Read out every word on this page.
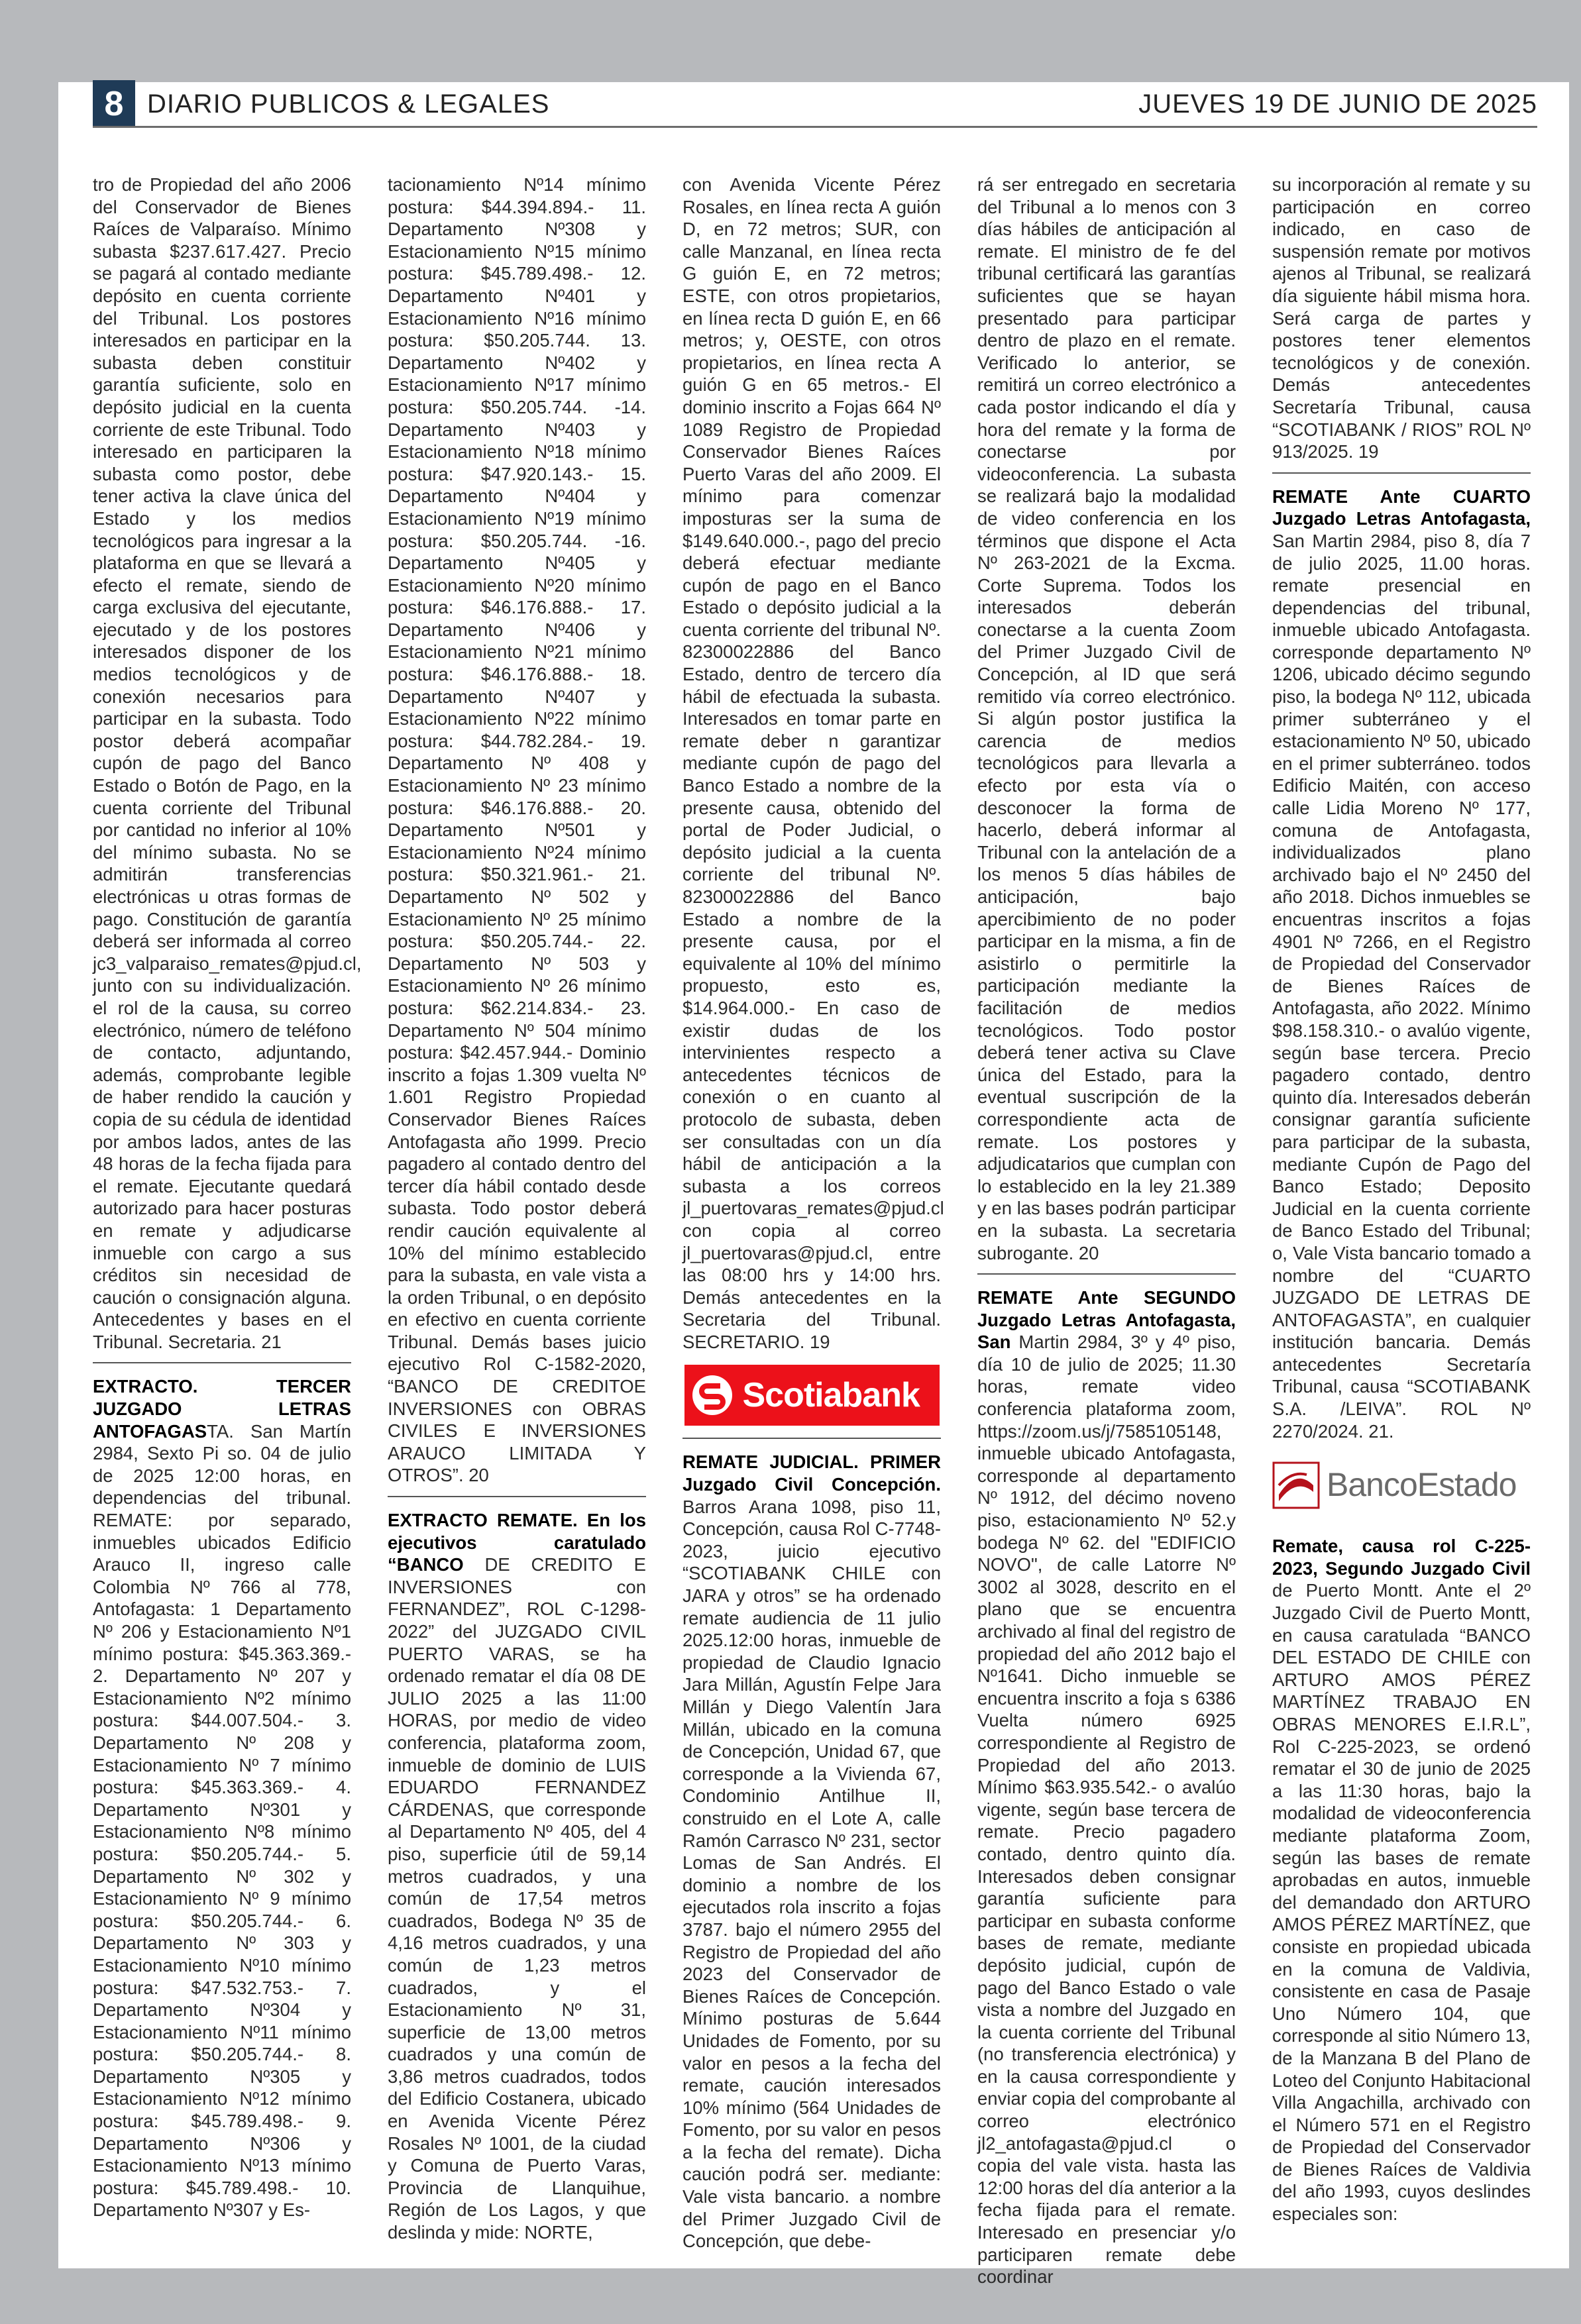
8 DIARIO PUBLICOS & LEGALES	JUEVES 19 DE JUNIO DE 2025

tro de Propiedad del año 2006 del Conservador de Bienes Raíces de Valparaíso. Mínimo subasta $237.617.427. Precio se pagará al contado mediante depósito en cuenta corriente del Tribunal. Los postores interesados en participar en la subasta deben constituir garantía suficiente, solo en depósito judicial en la cuenta corriente de este Tribunal. Todo interesado en participaren la subasta como postor, debe tener activa la clave única del Estado y los medios tecnológicos para ingresar a la plataforma en que se llevará a efecto el remate, siendo de carga exclusiva del ejecutante, ejecutado y de los postores interesados disponer de los medios tecnológicos y de conexión necesarios para participar en la subasta. Todo postor deberá acompañar cupón de pago del Banco Estado o Botón de Pago, en la cuenta corriente del Tribunal por cantidad no inferior al 10% del mínimo subasta. No se admitirán transferencias electrónicas u otras formas de pago. Constitución de garantía deberá ser informada al correo jc3_valparaiso_remates@pjud.cl, junto con su individualización. el rol de la causa, su correo electrónico, número de teléfono de contacto, adjuntando, además, comprobante legible de haber rendido la caución y copia de su cédula de identidad por ambos lados, antes de las 48 horas de la fecha fijada para el remate. Ejecutante quedará autorizado para hacer posturas en remate y adjudicarse inmueble con cargo a sus créditos sin necesidad de caución o consignación alguna. Antecedentes y bases en el Tribunal. Secretaria. 21

EXTRACTO. TERCER JUZGADO LETRAS ANTOFAGASTA. San Martín 2984, Sexto Pi so. 04 de julio de 2025 12:00 horas, en dependencias del tribunal. REMATE: por separado, inmuebles ubicados Edificio Arauco II, ingreso calle Colombia Nº 766 al 778, Antofagasta: 1 Departamento Nº 206 y Estacionamiento Nº1 mínimo postura: $45.363.369.- 2. Departamento Nº 207 y Estacionamiento Nº2 mínimo postura: $44.007.504.- 3. Departamento Nº 208 y Estacionamiento Nº 7 mínimo postura: $45.363.369.- 4. Departamento Nº301 y Estacionamiento Nº8 mínimo postura: $50.205.744.- 5. Departamento Nº 302 y Estacionamiento Nº 9 mínimo postura: $50.205.744.- 6. Departamento Nº 303 y Estacionamiento Nº10 mínimo postura: $47.532.753.- 7. Departamento Nº304 y Estacionamiento Nº11 mínimo postura: $50.205.744.- 8. Departamento Nº305 y Estacionamiento Nº12 mínimo postura: $45.789.498.- 9. Departamento Nº306 y Estacionamiento Nº13 mínimo postura: $45.789.498.- 10. Departamento Nº307 y Es-

tacionamiento Nº14 mínimo postura: $44.394.894.- 11. Departamento Nº308 y Estacionamiento Nº15 mínimo postura: $45.789.498.- 12. Departamento Nº401 y Estacionamiento Nº16 mínimo postura: $50.205.744. 13. Departamento Nº402 y Estacionamiento Nº17 mínimo postura: $50.205.744. -14. Departamento Nº403 y Estacionamiento Nº18 mínimo postura: $47.920.143.- 15. Departamento Nº404 y Estacionamiento Nº19 mínimo postura: $50.205.744. -16. Departamento Nº405 y Estacionamiento Nº20 mínimo postura: $46.176.888.- 17. Departamento Nº406 y Estacionamiento Nº21 mínimo postura: $46.176.888.- 18. Departamento Nº407 y Estacionamiento Nº22 mínimo postura: $44.782.284.- 19. Departamento Nº 408 y Estacionamiento Nº 23 mínimo postura: $46.176.888.- 20. Departamento Nº501 y Estacionamiento Nº24 mínimo postura: $50.321.961.- 21. Departamento Nº 502 y Estacionamiento Nº 25 mínimo postura: $50.205.744.- 22. Departamento Nº 503 y Estacionamiento Nº 26 mínimo postura: $62.214.834.- 23. Departamento Nº 504 mínimo postura: $42.457.944.- Dominio inscrito a fojas 1.309 vuelta Nº 1.601 Registro Propiedad Conservador Bienes Raíces Antofagasta año 1999. Precio pagadero al contado dentro del tercer día hábil contado desde subasta. Todo postor deberá rendir caución equivalente al 10% del mínimo establecido para la subasta, en vale vista a la orden Tribunal, o en depósito en efectivo en cuenta corriente Tribunal. Demás bases juicio ejecutivo Rol C-1582-2020, “BANCO DE CREDITOE INVERSIONES con OBRAS CIVILES E INVERSIONES ARAUCO LIMITADA Y OTROS”. 20

EXTRACTO REMATE. En los ejecutivos caratulado “BANCO DE CREDITO E INVERSIONES con FERNANDEZ”, ROL C-1298-2022” del JUZGADO CIVIL PUERTO VARAS, se ha ordenado rematar el día 08 DE JULIO 2025 a las 11:00 HORAS, por medio de video conferencia, plataforma zoom, inmueble de dominio de LUIS EDUARDO FERNANDEZ CÁRDENAS, que corresponde al Departamento Nº 405, del 4 piso, superficie útil de 59,14 metros cuadrados, y una común de 17,54 metros cuadrados, Bodega Nº 35 de 4,16 metros cuadrados, y una común de 1,23 metros cuadrados, y el Estacionamiento Nº 31, superficie de 13,00 metros cuadrados y una común de 3,86 metros cuadrados, todos del Edificio Costanera, ubicado en Avenida Vicente Pérez Rosales Nº 1001, de la ciudad y Comuna de Puerto Varas, Provincia de Llanquihue, Región de Los Lagos, y que deslinda y mide: NORTE,

con Avenida Vicente Pérez Rosales, en línea recta A guión D, en 72 metros; SUR, con calle Manzanal, en línea recta G guión E, en 72 metros; ESTE, con otros propietarios, en línea recta D guión E, en 66 metros; y, OESTE, con otros propietarios, en línea recta A guión G en 65 metros.- El dominio inscrito a Fojas 664 Nº 1089 Registro de Propiedad Conservador Bienes Raíces Puerto Varas del año 2009. El mínimo para comenzar imposturas ser la suma de $149.640.000.-, pago del precio deberá efectuar mediante cupón de pago en el Banco Estado o depósito judicial a la cuenta corriente del tribunal Nº. 82300022886 del Banco Estado, dentro de tercero día hábil de efectuada la subasta. Interesados en tomar parte en remate deber n garantizar mediante cupón de pago del Banco Estado a nombre de la presente causa, obtenido del portal de Poder Judicial, o depósito judicial a la cuenta corriente del tribunal Nº. 82300022886 del Banco Estado a nombre de la presente causa, por el equivalente al 10% del mínimo propuesto, esto es, $14.964.000.- En caso de existir dudas de los intervinientes respecto a antecedentes técnicos de conexión o en cuanto al protocolo de subasta, deben ser consultadas con un día hábil de anticipación a la subasta a los correos jl_puertovaras_remates@pjud.cl con copia al correo jl_puertovaras@pjud.cl, entre las 08:00 hrs y 14:00 hrs. Demás antecedentes en la Secretaria del Tribunal. SECRETARIO. 19

Scotiabank

REMATE JUDICIAL. PRIMER Juzgado Civil Concepción. Barros Arana 1098, piso 11, Concepción, causa Rol C-7748-2023, juicio ejecutivo “SCOTIABANK CHILE con JARA y otros” se ha ordenado remate audiencia de 11 julio 2025.12:00 horas, inmueble de propiedad de Claudio Ignacio Jara Millán, Agustín Felpe Jara Millán y Diego Valentín Jara Millán, ubicado en la comuna de Concepción, Unidad 67, que corresponde a la Vivienda 67, Condominio Antilhue II, construido en el Lote A, calle Ramón Carrasco Nº 231, sector Lomas de San Andrés. El dominio a nombre de los ejecutados rola inscrito a fojas 3787. bajo el número 2955 del Registro de Propiedad del año 2023 del Conservador de Bienes Raíces de Concepción. Mínimo posturas de 5.644 Unidades de Fomento, por su valor en pesos a la fecha del remate, caución interesados 10% mínimo (564 Unidades de Fomento, por su valor en pesos a la fecha del remate). Dicha caución podrá ser. mediante: Vale vista bancario. a nombre del Primer Juzgado Civil de Concepción, que debe-

rá ser entregado en secretaria del Tribunal a lo menos con 3 días hábiles de anticipación al remate. El ministro de fe del tribunal certificará las garantías suficientes que se hayan presentado para participar dentro de plazo en el remate. Verificado lo anterior, se remitirá un correo electrónico a cada postor indicando el día y hora del remate y la forma de conectarse por videoconferencia. La subasta se realizará bajo la modalidad de video conferencia en los términos que dispone el Acta Nº 263-2021 de la Excma. Corte Suprema. Todos los interesados deberán conectarse a la cuenta Zoom del Primer Juzgado Civil de Concepción, al ID que será remitido vía correo electrónico. Si algún postor justifica la carencia de medios tecnológicos para llevarla a efecto por esta vía o desconocer la forma de hacerlo, deberá informar al Tribunal con la antelación de a los menos 5 días hábiles de anticipación, bajo apercibimiento de no poder participar en la misma, a fin de asistirlo o permitirle la participación mediante la facilitación de medios tecnológicos. Todo postor deberá tener activa su Clave única del Estado, para la eventual suscripción de la correspondiente acta de remate. Los postores y adjudicatarios que cumplan con lo establecido en la ley 21.389 y en las bases podrán participar en la subasta. La secretaria subrogante. 20

REMATE Ante SEGUNDO Juzgado Letras Antofagasta, San Martin 2984, 3º y 4º piso, día 10 de julio de 2025; 11.30 horas, remate video conferencia plataforma zoom, https://zoom.us/j/7585105148, inmueble ubicado Antofagasta, corresponde al departamento Nº 1912, del décimo noveno piso, estacionamiento Nº 52.y bodega Nº 62. del "EDIFICIO NOVO", de calle Latorre Nº 3002 al 3028, descrito en el plano que se encuentra archivado al final del registro de propiedad del año 2012 bajo el Nº1641. Dicho inmueble se encuentra inscrito a foja s 6386 Vuelta número 6925 correspondiente al Registro de Propiedad del año 2013. Mínimo $63.935.542.- o avalúo vigente, según base tercera de remate. Precio pagadero contado, dentro quinto día. Interesados deben consignar garantía suficiente para participar en subasta conforme bases de remate, mediante depósito judicial, cupón de pago del Banco Estado o vale vista a nombre del Juzgado en la cuenta corriente del Tribunal (no transferencia electrónica) y en la causa correspondiente y enviar copia del comprobante al correo electrónico jl2_antofagasta@pjud.cl o copia del vale vista. hasta las 12:00 horas del día anterior a la fecha fijada para el remate. Interesado en presenciar y/o participaren remate debe coordinar

su incorporación al remate y su participación en correo indicado, en caso de suspensión remate por motivos ajenos al Tribunal, se realizará día siguiente hábil misma hora. Será carga de partes y postores tener elementos tecnológicos y de conexión. Demás antecedentes Secretaría Tribunal, causa “SCOTIABANK / RIOS” ROL Nº 913/2025. 19

REMATE Ante CUARTO Juzgado Letras Antofagasta, San Martin 2984, piso 8, día 7 de julio 2025, 11.00 horas. remate presencial en dependencias del tribunal, inmueble ubicado Antofagasta. corresponde departamento Nº 1206, ubicado décimo segundo piso, la bodega Nº 112, ubicada primer subterráneo y el estacionamiento Nº 50, ubicado en el primer subterráneo. todos Edificio Maitén, con acceso calle Lidia Moreno Nº 177, comuna de Antofagasta, individualizados plano archivado bajo el Nº 2450 del año 2018. Dichos inmuebles se encuentras inscritos a fojas 4901 Nº 7266, en el Registro de Propiedad del Conservador de Bienes Raíces de Antofagasta, año 2022. Mínimo $98.158.310.- o avalúo vigente, según base tercera. Precio pagadero contado, dentro quinto día. Interesados deberán consignar garantía suficiente para participar de la subasta, mediante Cupón de Pago del Banco Estado; Deposito Judicial en la cuenta corriente de Banco Estado del Tribunal; o, Vale Vista bancario tomado a nombre del “CUARTO JUZGADO DE LETRAS DE ANTOFAGASTA”, en cualquier institución bancaria. Demás antecedentes Secretaría Tribunal, causa “SCOTIABANK S.A. /LEIVA”. ROL Nº 2270/2024. 21.

BancoEstado

Remate, causa rol C-225-2023, Segundo Juzgado Civil de Puerto Montt. Ante el 2º Juzgado Civil de Puerto Montt, en causa caratulada “BANCO DEL ESTADO DE CHILE con ARTURO AMOS PÉREZ MARTÍNEZ TRABAJO EN OBRAS MENORES E.I.R.L”, Rol C-225-2023, se ordenó rematar el 30 de junio de 2025 a las 11:30 horas, bajo la modalidad de videoconferencia mediante plataforma Zoom, según las bases de remate aprobadas en autos, inmueble del demandado don ARTURO AMOS PÉREZ MARTÍNEZ, que consiste en propiedad ubicada en la comuna de Valdivia, consistente en casa de Pasaje Uno Número 104, que corresponde al sitio Número 13, de la Manzana B del Plano de Loteo del Conjunto Habitacional Villa Angachilla, archivado con el Número 571 en el Registro de Propiedad del Conservador de Bienes Raíces de Valdivia del año 1993, cuyos deslindes especiales son:
